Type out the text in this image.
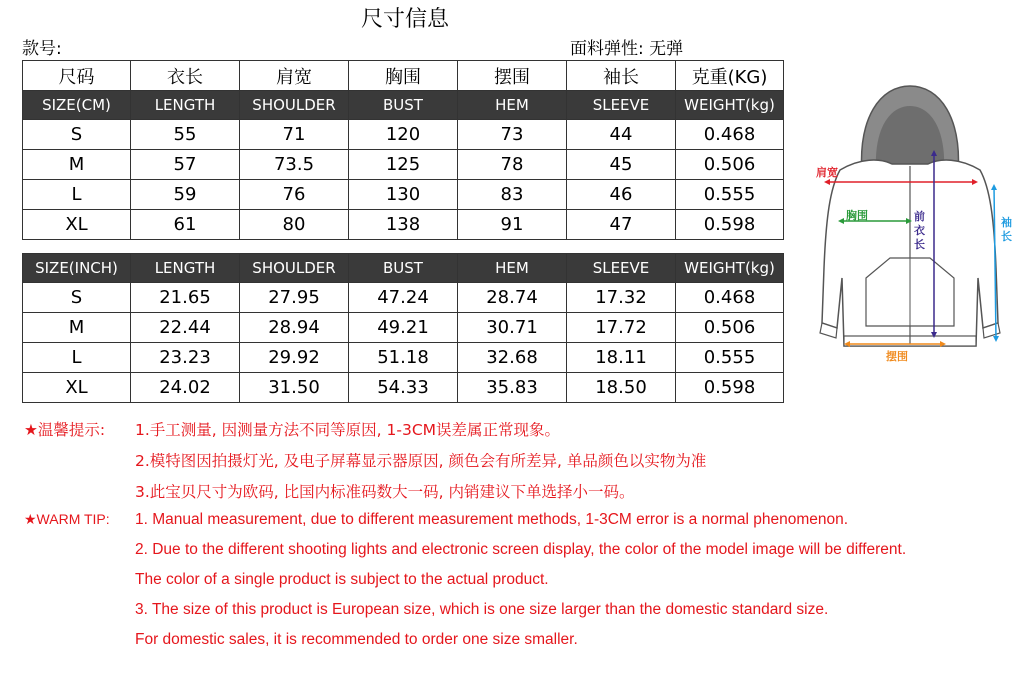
尺寸信息
款号:	面料弹性: 无弹
尺码	衣长	肩宽	胸围	摆围	袖长	克重(KG)
SIZE(CM)	LENGTH	SHOULDER	BUST	HEM	SLEEVE	WEIGHT(kg)
S	55	71	120	73	44	0.468
M	57	73.5	125	78	45	0.506
L	59	76	130	83	46	0.555
XL	61	80	138	91	47	0.598
SIZE(INCH)	LENGTH	SHOULDER	BUST	HEM	SLEEVE	WEIGHT(kg)
S	21.65	27.95	47.24	28.74	17.32	0.468
M	22.44	28.94	49.21	30.71	17.72	0.506
L	23.23	29.92	51.18	32.68	18.11	0.555
XL	24.02	31.50	54.33	35.83	18.50	0.598
肩宽
胸围	前
衣
长
袖
长
摆围
★温馨提示: 1.手工测量, 因测量方法不同等原因, 1-3CM误差属正常现象。
2.模特图因拍摄灯光, 及电子屏幕显示器原因, 颜色会有所差异, 单品颜色以实物为准
3.此宝贝尺寸为欧码, 比国内标准码数大一码, 内销建议下单选择小一码。
★WARM TIP: 1. Manual measurement, due to different measurement methods, 1-3CM error is a normal phenomenon.
2. Due to the different shooting lights and electronic screen display, the color of the model image will be different.
The color of a single product is subject to the actual product.
3. The size of this product is European size, which is one size larger than the domestic standard size.
For domestic sales, it is recommended to order one size smaller.
